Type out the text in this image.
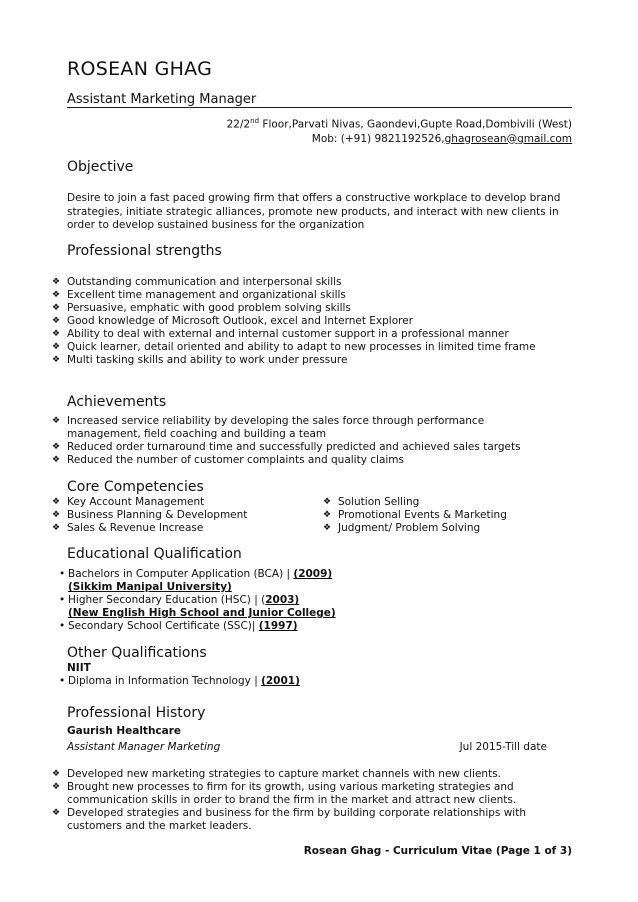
ROSEAN GHAG
Assistant Marketing Manager
22/2nd Floor,Parvati Nivas, Gaondevi,Gupte Road,Dombivili (West)
Mob: (+91) 9821192526,ghagrosean@gmail.com
Objective
Desire to join a fast paced growing firm that offers a constructive workplace to develop brand strategies, initiate strategic alliances, promote new products, and interact with new clients in order to develop sustained business for the organization
Professional strengths
❖ Outstanding communication and interpersonal skills
❖ Excellent time management and organizational skills
❖ Persuasive, emphatic with good problem solving skills
❖ Good knowledge of Microsoft Outlook, excel and Internet Explorer
❖ Ability to deal with external and internal customer support in a professional manner
❖ Quick learner, detail oriented and ability to adapt to new processes in limited time frame
❖ Multi tasking skills and ability to work under pressure
Achievements
❖ Increased service reliability by developing the sales force through performance management, field coaching and building a team
❖ Reduced order turnaround time and successfully predicted and achieved sales targets
❖ Reduced the number of customer complaints and quality claims
Core Competencies
❖ Key Account Management
❖ Business Planning & Development
❖ Sales & Revenue Increase
❖ Solution Selling
❖ Promotional Events & Marketing
❖ Judgment/ Problem Solving
Educational Qualification
• Bachelors in Computer Application (BCA) | (2009)
(Sikkim Manipal University)
• Higher Secondary Education (HSC) | (2003)
(New English High School and Junior College)
• Secondary School Certificate (SSC)| (1997)
Other Qualifications
NIIT
• Diploma in Information Technology | (2001)
Professional History
Gaurish Healthcare
Assistant Manager Marketing	Jul 2015-Till date
❖ Developed new marketing strategies to capture market channels with new clients.
❖ Brought new processes to firm for its growth, using various marketing strategies and communication skills in order to brand the firm in the market and attract new clients.
❖ Developed strategies and business for the firm by building corporate relationships with customers and the market leaders.
Rosean Ghag - Curriculum Vitae (Page 1 of 3)
